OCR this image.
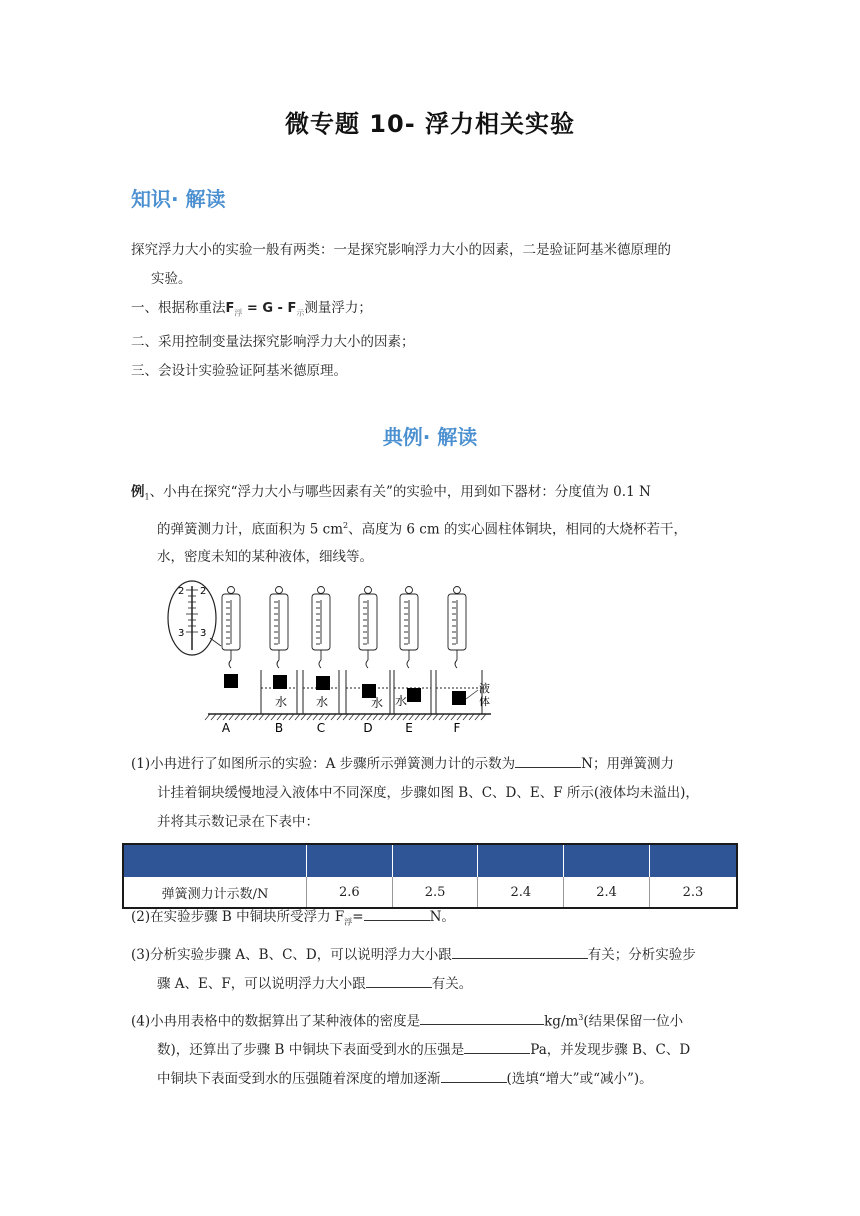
微专题 10- 浮力相关实验
知识· 解读

探究浮力大小的实验一般有两类：一是探究影响浮力大小的因素，二是验证阿基米德原理的

实验。

一、根据称重法$F_浮 = G - F_示$测量浮力；

二、采用控制变量法探究影响浮力大小的因素；

三、会设计实验验证阿基米德原理。

典例· 解读

例$_1$、小冉在探究“浮力大小与哪些因素有关”的实验中，用到如下器材：分度值为 0.1 N

的弹簧测力计，底面积为 5 $cm^2$、高度为 6 cm 的实心圆柱体铜块，相同的大烧杯若干，

水，密度未知的某种液体，细线等。

2 2
3 3
水 水	水 水
液
体
A	B	C	D	E	F

(1)小冉进行了如图所示的实验：A 步骤所示弹簧测力计的示数为	N；用弹簧测力

计挂着铜块缓慢地浸入液体中不同深度，步骤如图 B、C、D、E、F 所示(液体均未溢出)，

并将其示数记录在下表中：

弹簧测力计示数/N	2.6	2.5	2.4	2.4	2.3

(2)在实验步骤 B 中铜块所受浮力 $F_浮=$	N。

(3)分析实验步骤 A、B、C、D，可以说明浮力大小跟	有关；分析实验步

骤 A、E、F，可以说明浮力大小跟	有关。

(4)小冉用表格中的数据算出了某种液体的密度是	$kg/m^3$(结果保留一位小

数)，还算出了步骤 B 中铜块下表面受到水的压强是	Pa，并发现步骤 B、C、D

中铜块下表面受到水的压强随着深度的增加逐渐	(选填“增大”或“减小”)。
